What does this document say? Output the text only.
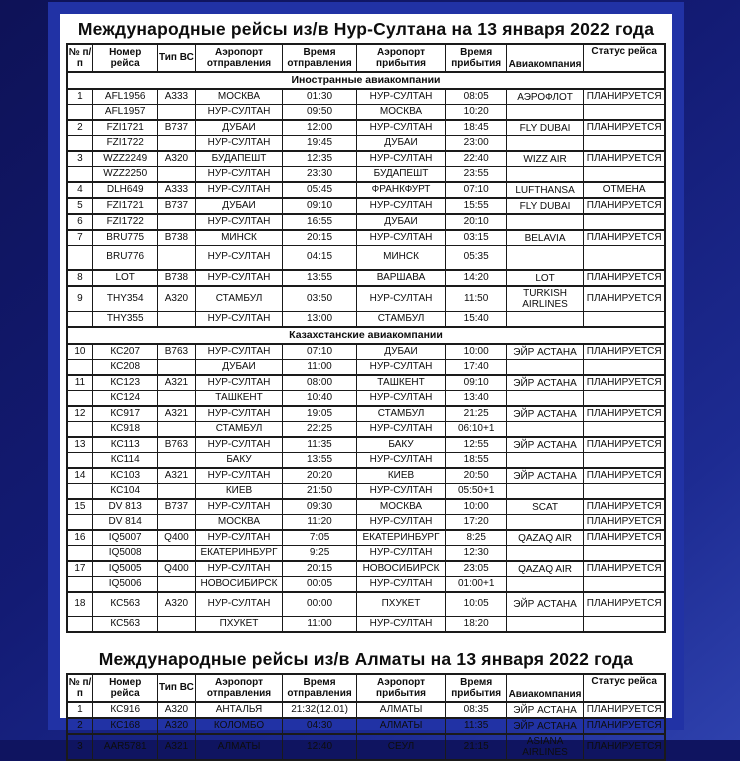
Международные рейсы из/в Нур-Султана на 13 января 2022 года
№ п/п	Номер рейса	Тип ВС	Аэропорт отправления	Время отправления	Аэропорт прибытия	Время прибытия	Авиакомпания	Статус рейса
Иностранные авиакомпании								
1	AFL1956	A333	МОСКВА	01:30	НУР-СУЛТАН	08:05	АЭРОФЛОТ	ПЛАНИРУЕТСЯ
	AFL1957		НУР-СУЛТАН	09:50	МОСКВА	10:20		
2	FZI1721	B737	ДУБАИ	12:00	НУР-СУЛТАН	18:45	FLY DUBAI	ПЛАНИРУЕТСЯ
	FZI1722		НУР-СУЛТАН	19:45	ДУБАИ	23:00		
3	WZZ2249	A320	БУДАПЕШТ	12:35	НУР-СУЛТАН	22:40	WIZZ AIR	ПЛАНИРУЕТСЯ
	WZZ2250		НУР-СУЛТАН	23:30	БУДАПЕШТ	23:55		
4	DLH649	A333	НУР-СУЛТАН	05:45	ФРАНКФУРТ	07:10	LUFTHANSA	ОТМЕНА
5	FZI1721	B737	ДУБАИ	09:10	НУР-СУЛТАН	15:55	FLY DUBAI	ПЛАНИРУЕТСЯ
6	FZI1722		НУР-СУЛТАН	16:55	ДУБАИ	20:10		
7	BRU775	B738	МИНСК	20:15	НУР-СУЛТАН	03:15	BELAVIA	ПЛАНИРУЕТСЯ
	BRU776		НУР-СУЛТАН	04:15	МИНСК	05:35		
8	LOT	B738	НУР-СУЛТАН	13:55	ВАРШАВА	14:20	LOT	ПЛАНИРУЕТСЯ
9	THY354	A320	СТАМБУЛ	03:50	НУР-СУЛТАН	11:50	TURKISH AIRLINES	ПЛАНИРУЕТСЯ
	THY355		НУР-СУЛТАН	13:00	СТАМБУЛ	15:40		
Казахстанские авиакомпании								
10	КС207	B763	НУР-СУЛТАН	07:10	ДУБАИ	10:00	ЭЙР АСТАНА	ПЛАНИРУЕТСЯ
	КС208		ДУБАИ	11:00	НУР-СУЛТАН	17:40		
11	КС123	A321	НУР-СУЛТАН	08:00	ТАШКЕНТ	09:10	ЭЙР АСТАНА	ПЛАНИРУЕТСЯ
	КС124		ТАШКЕНТ	10:40	НУР-СУЛТАН	13:40		
12	КС917	A321	НУР-СУЛТАН	19:05	СТАМБУЛ	21:25	ЭЙР АСТАНА	ПЛАНИРУЕТСЯ
	КС918		СТАМБУЛ	22:25	НУР-СУЛТАН	06:10+1		
13	КС113	B763	НУР-СУЛТАН	11:35	БАКУ	12:55	ЭЙР АСТАНА	ПЛАНИРУЕТСЯ
	КС114		БАКУ	13:55	НУР-СУЛТАН	18:55		
14	КС103	A321	НУР-СУЛТАН	20:20	КИЕВ	20:50	ЭЙР АСТАНА	ПЛАНИРУЕТСЯ
	КС104		КИЕВ	21:50	НУР-СУЛТАН	05:50+1		
15	DV 813	B737	НУР-СУЛТАН	09:30	МОСКВА	10:00	SCAT	ПЛАНИРУЕТСЯ
	DV 814		МОСКВА	11:20	НУР-СУЛТАН	17:20		ПЛАНИРУЕТСЯ
16	IQ5007	Q400	НУР-СУЛТАН	7:05	ЕКАТЕРИНБУРГ	8:25	QAZAQ AIR	ПЛАНИРУЕТСЯ
	IQ5008		ЕКАТЕРИНБУРГ	9:25	НУР-СУЛТАН	12:30		
17	IQ5005	Q400	НУР-СУЛТАН	20:15	НОВОСИБИРСК	23:05	QAZAQ AIR	ПЛАНИРУЕТСЯ
	IQ5006		НОВОСИБИРСК	00:05	НУР-СУЛТАН	01:00+1		
18	КС563	A320	НУР-СУЛТАН	00:00	ПХУКЕТ	10:05	ЭЙР АСТАНА	ПЛАНИРУЕТСЯ
	КС563		ПХУКЕТ	11:00	НУР-СУЛТАН	18:20		
Международные рейсы из/в Алматы на 13 января 2022 года
№ п/п	Номер рейса	Тип ВС	Аэропорт отправления	Время отправления	Аэропорт прибытия	Время прибытия	Авиакомпания	Статус рейса
1	КС916	A320	АНТАЛЬЯ	21:32(12.01)	АЛМАТЫ	08:35	ЭЙР АСТАНА	ПЛАНИРУЕТСЯ
2	КС168	A320	КОЛОМБО	04:30	АЛМАТЫ	11:35	ЭЙР АСТАНА	ПЛАНИРУЕТСЯ
3	AAR5781	A321	АЛМАТЫ	12:40	СЕУЛ	21:15	ASIANA AIRLINES	ПЛАНИРУЕТСЯ
